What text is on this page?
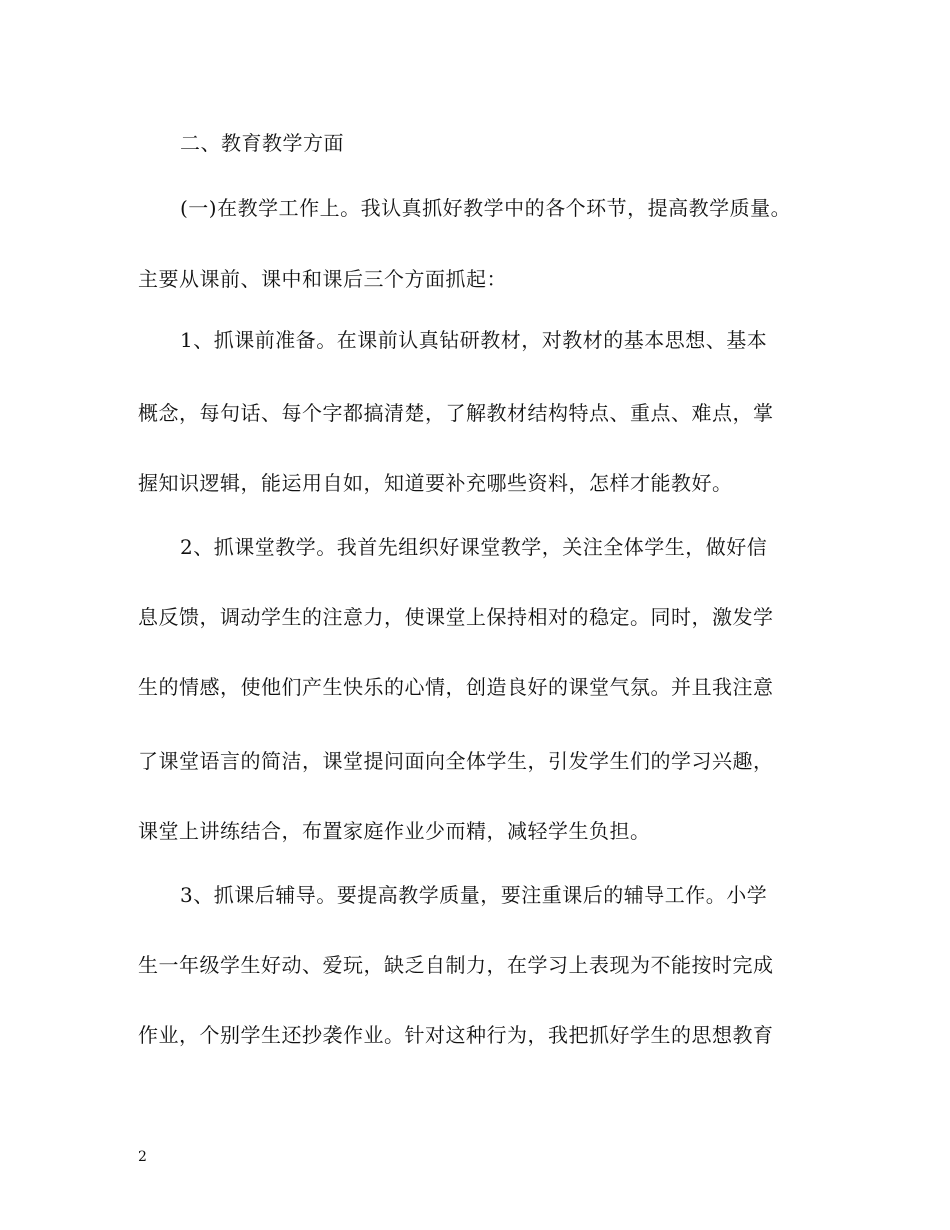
二、教育教学方面
(一)在教学工作上。我认真抓好教学中的各个环节，提高教学质量。
主要从课前、课中和课后三个方面抓起：
1、抓课前准备。在课前认真钻研教材，对教材的基本思想、基本
概念，每句话、每个字都搞清楚，了解教材结构特点、重点、难点，掌
握知识逻辑，能运用自如，知道要补充哪些资料，怎样才能教好。
2、抓课堂教学。我首先组织好课堂教学，关注全体学生，做好信
息反馈，调动学生的注意力，使课堂上保持相对的稳定。同时，激发学
生的情感，使他们产生快乐的心情，创造良好的课堂气氛。并且我注意
了课堂语言的简洁，课堂提问面向全体学生，引发学生们的学习兴趣，
课堂上讲练结合，布置家庭作业少而精，减轻学生负担。
3、抓课后辅导。要提高教学质量，要注重课后的辅导工作。小学
生一年级学生好动、爱玩，缺乏自制力，在学习上表现为不能按时完成
作业，个别学生还抄袭作业。针对这种行为，我把抓好学生的思想教育
2
